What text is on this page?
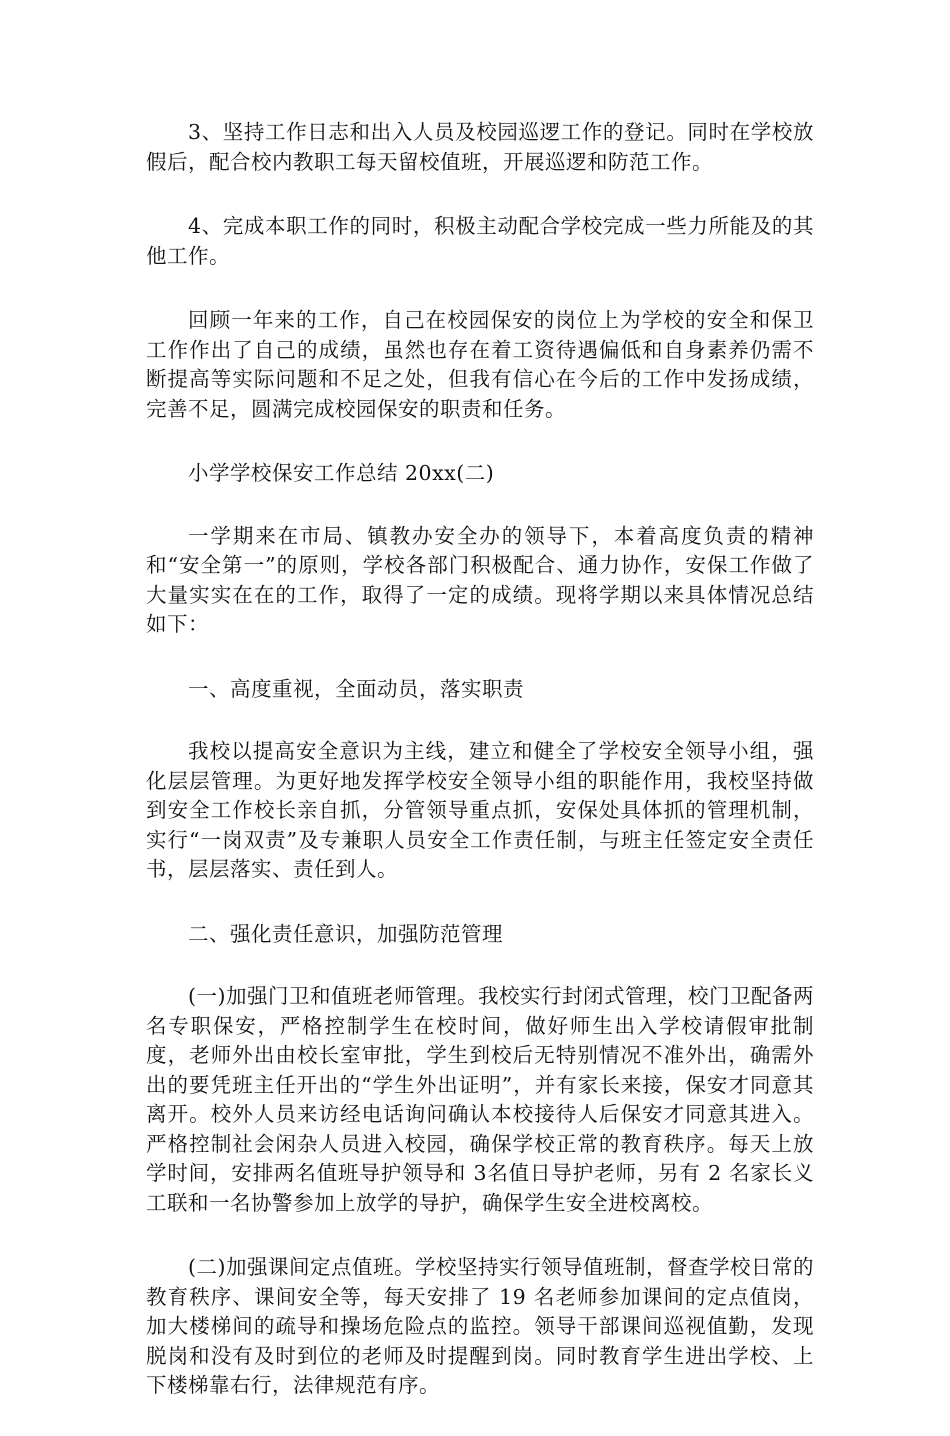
3、坚持工作日志和出入人员及校园巡逻工作的登记。同时在学校放假后，配合校内教职工每天留校值班，开展巡逻和防范工作。

4、完成本职工作的同时，积极主动配合学校完成一些力所能及的其他工作。

回顾一年来的工作，自己在校园保安的岗位上为学校的安全和保卫工作作出了自己的成绩，虽然也存在着工资待遇偏低和自身素养仍需不断提高等实际问题和不足之处，但我有信心在今后的工作中发扬成绩，完善不足，圆满完成校园保安的职责和任务。

小学学校保安工作总结 20xx(二)

一学期来在市局、镇教办安全办的领导下，本着高度负责的精神和“安全第一”的原则，学校各部门积极配合、通力协作，安保工作做了大量实实在在的工作，取得了一定的成绩。现将学期以来具体情况总结如下：

一、高度重视，全面动员，落实职责

我校以提高安全意识为主线，建立和健全了学校安全领导小组，强化层层管理。为更好地发挥学校安全领导小组的职能作用，我校坚持做到安全工作校长亲自抓，分管领导重点抓，安保处具体抓的管理机制，实行“一岗双责”及专兼职人员安全工作责任制，与班主任签定安全责任书，层层落实、责任到人。

二、强化责任意识，加强防范管理

(一)加强门卫和值班老师管理。我校实行封闭式管理，校门卫配备两名专职保安，严格控制学生在校时间，做好师生出入学校请假审批制度，老师外出由校长室审批，学生到校后无特别情况不准外出，确需外出的要凭班主任开出的“学生外出证明”，并有家长来接，保安才同意其离开。校外人员来访经电话询问确认本校接待人后保安才同意其进入。严格控制社会闲杂人员进入校园，确保学校正常的教育秩序。每天上放学时间，安排两名值班导护领导和 3名值日导护老师，另有 2 名家长义工联和一名协警参加上放学的导护，确保学生安全进校离校。

(二)加强课间定点值班。学校坚持实行领导值班制，督查学校日常的教育秩序、课间安全等，每天安排了 19 名老师参加课间的定点值岗，加大楼梯间的疏导和操场危险点的监控。领导干部课间巡视值勤，发现脱岗和没有及时到位的老师及时提醒到岗。同时教育学生进出学校、上下楼梯靠右行，法律规范有序。
